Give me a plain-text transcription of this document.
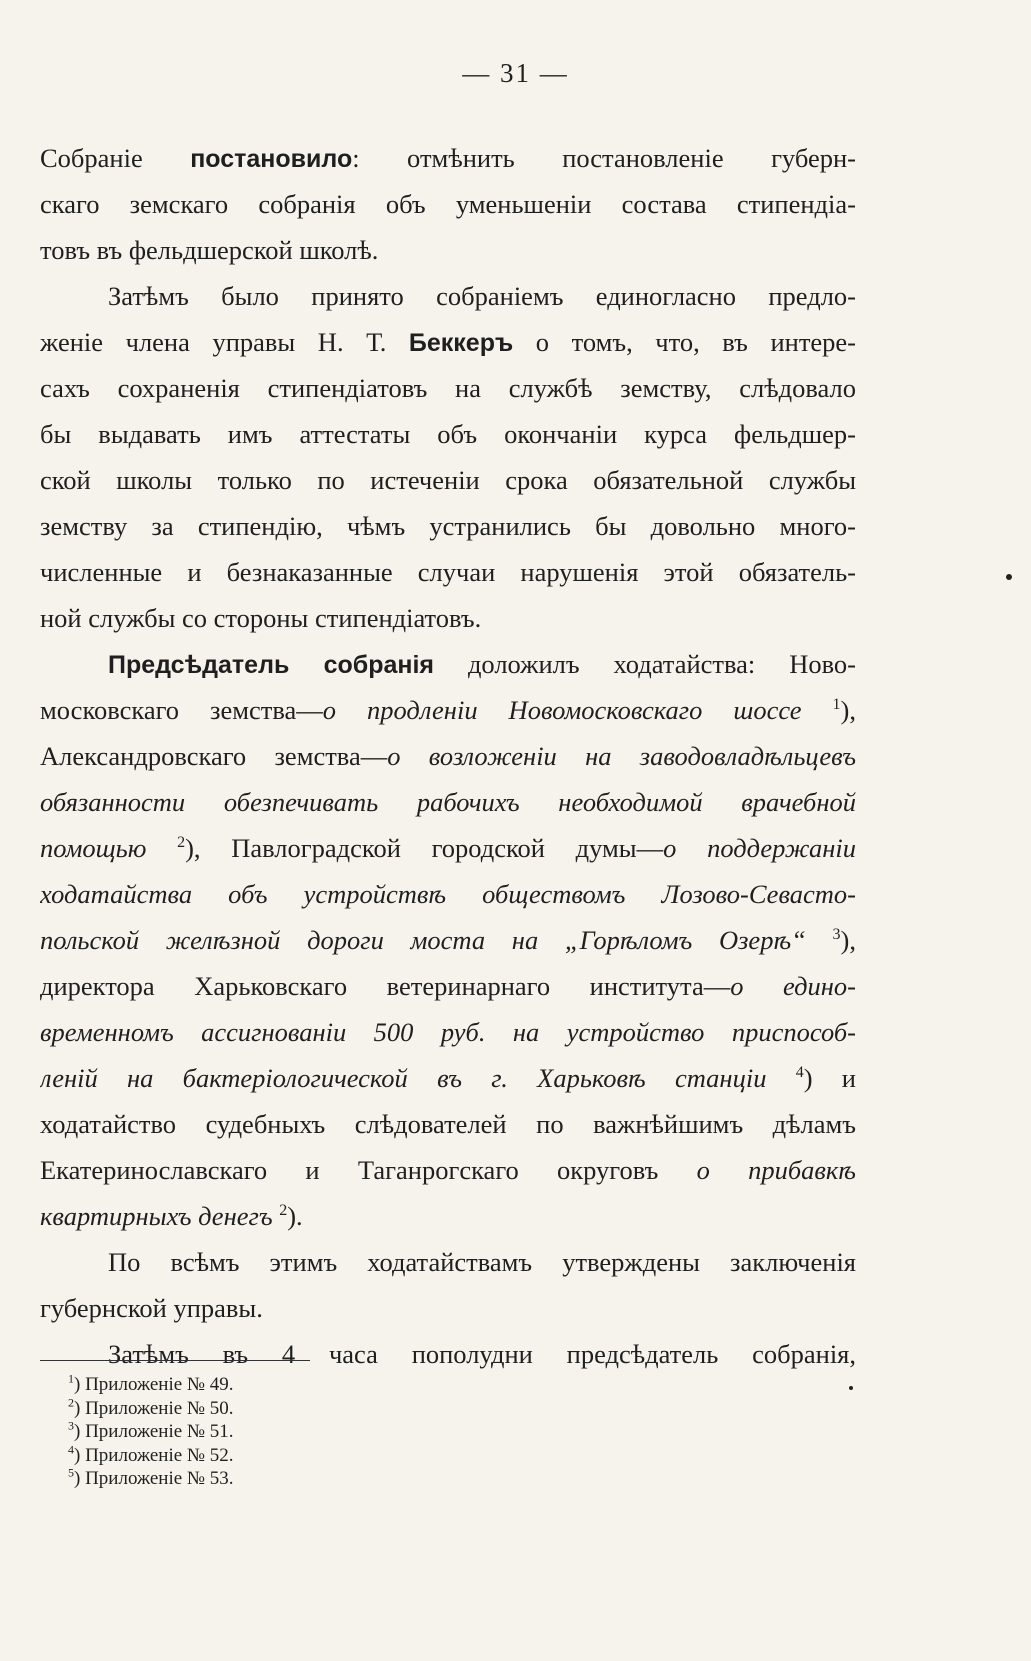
— 31 —
Собраніе постановило: отмѣнить постановленіе губерн-
скаго земскаго собранія объ уменьшеніи состава стипендіа-
товъ въ фельдшерской школѣ.
Затѣмъ было принято собраніемъ единогласно предло-
женіе члена управы Н. Т. Беккеръ о томъ, что, въ интере-
сахъ сохраненія стипендіатовъ на службѣ земству, слѣдовало
бы выдавать имъ аттестаты объ окончаніи курса фельдшер-
ской школы только по истеченіи срока обязательной службы
земству за стипендію, чѣмъ устранились бы довольно много-
численные и безнаказанные случаи нарушенія этой обязатель-
ной службы со стороны стипендіатовъ.
Предсѣдатель собранія доложилъ ходатайства: Ново-
московскаго земства—о продленіи Новомосковскаго шоссе $^1$),
Александровскаго земства—о возложеніи на заводовладѣльцевъ
обязанности обезпечивать рабочихъ необходимой врачебной
помощью $^2$), Павлоградской городской думы—о поддержаніи
ходатайства объ устройствѣ обществомъ Лозово-Севасто-
польской желѣзной дороги моста на „Горѣломъ Озерѣ“ $^3$),
директора Харьковскаго ветеринарнаго института—о едино-
временномъ ассигнованіи 500 руб. на устройство приспособ-
леній на бактеріологической въ г. Харьковѣ станціи $^4$) и
ходатайство судебныхъ слѣдователей по важнѣйшимъ дѣламъ
Екатеринославскаго и Таганрогскаго округовъ о прибавкѣ
квартирныхъ денегъ $^2$).
По всѣмъ этимъ ходатайствамъ утверждены заключенія
губернской управы.
Затѣмъ въ 4 часа пополудни предсѣдатель собранія,
$^1$) Приложеніе № 49.
$^2$) Приложеніе № 50.
$^3$) Приложеніе № 51.
$^4$) Приложеніе № 52.
$^5$) Приложеніе № 53.
